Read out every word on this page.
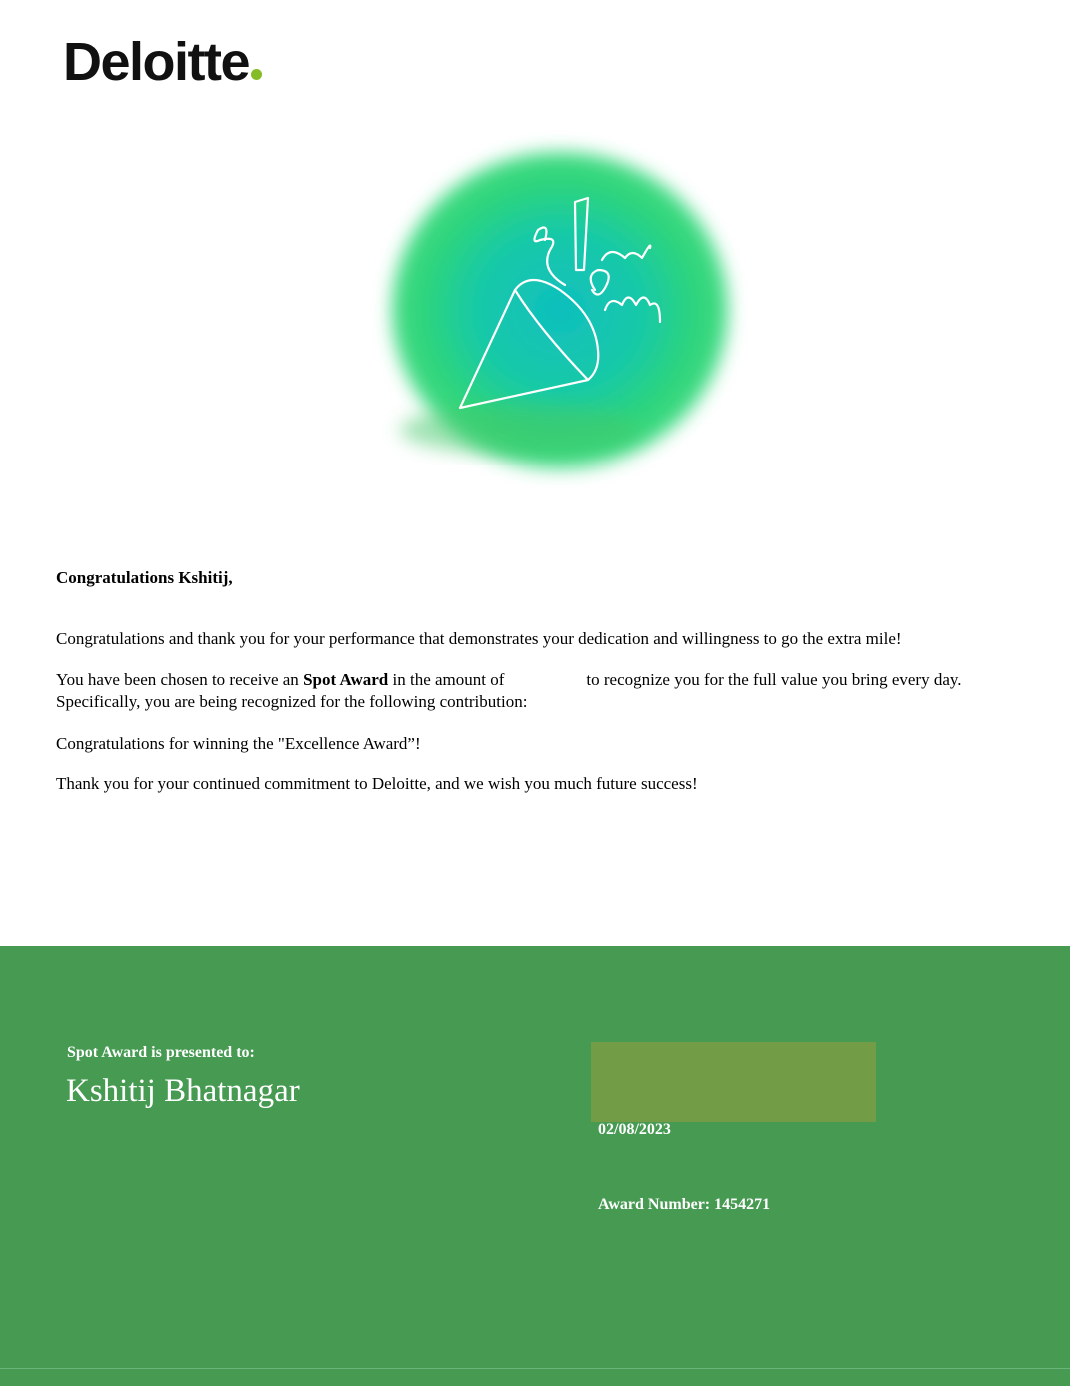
Deloitte
Congratulations Kshitij,
Congratulations and thank you for your performance that demonstrates your dedication and willingness to go the extra mile!
You have been chosen to receive an Spot Award in the amount of	to recognize you for the full value you bring every day. Specifically, you are being recognized for the following contribution:
Congratulations for winning the "Excellence Award”!
Thank you for your continued commitment to Deloitte, and we wish you much future success!
Spot Award is presented to:
Kshitij Bhatnagar
02/08/2023
Award Number: 1454271
